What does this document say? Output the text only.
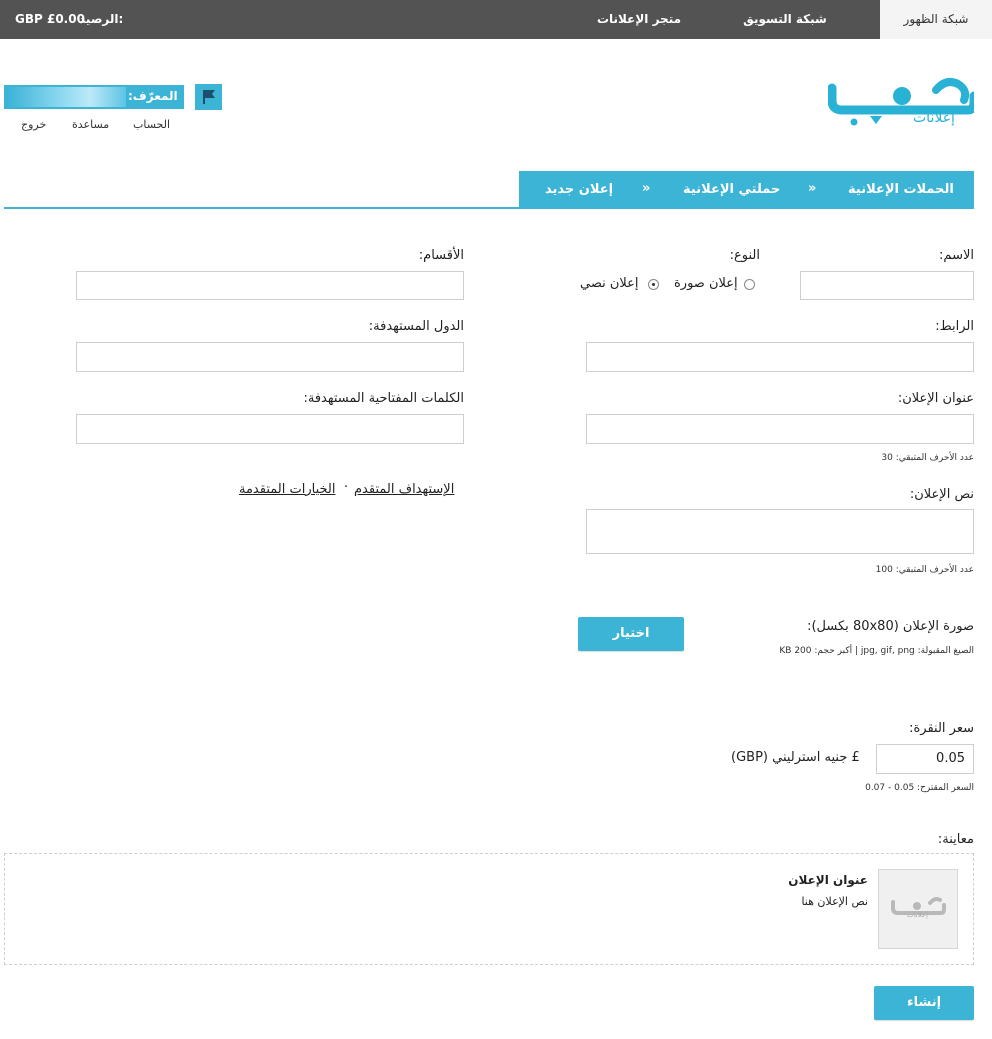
شبكة الظهور
شبكة التسويق بالعمولة
متجر الإعلانات
الرصيد:
GBP £0.00
إعلانات
المعرّف:
الحساب
مساعدة
خروج
الحملات الإعلانية
»
حملتي الإعلانية
»
إعلان جديد
الاسم:
النوع:
إعلان صورة
إعلان نصي
الأقسام:
الرابط:
الدول المستهدفة:
عنوان الإعلان:
عدد الأحرف المتبقي: 30
الكلمات المفتاحية المستهدفة:
الإستهداف المتقدم
·
الخيارات المتقدمة	نص الإعلان:
عدد الأحرف المتبقي: 100
صورة الإعلان (80x80 بكسل):
الصيغ المقبولة: jpg, gif, png | أكبر حجم: 200 KB
اختيار
سعر النقرة:
0.05
£ جنيه استرليني (GBP)
السعر المقترح: 0.05 - 0.07
معاينة:
إعلانات
عنوان الإعلان
نص الإعلان هنا
إنشاء
